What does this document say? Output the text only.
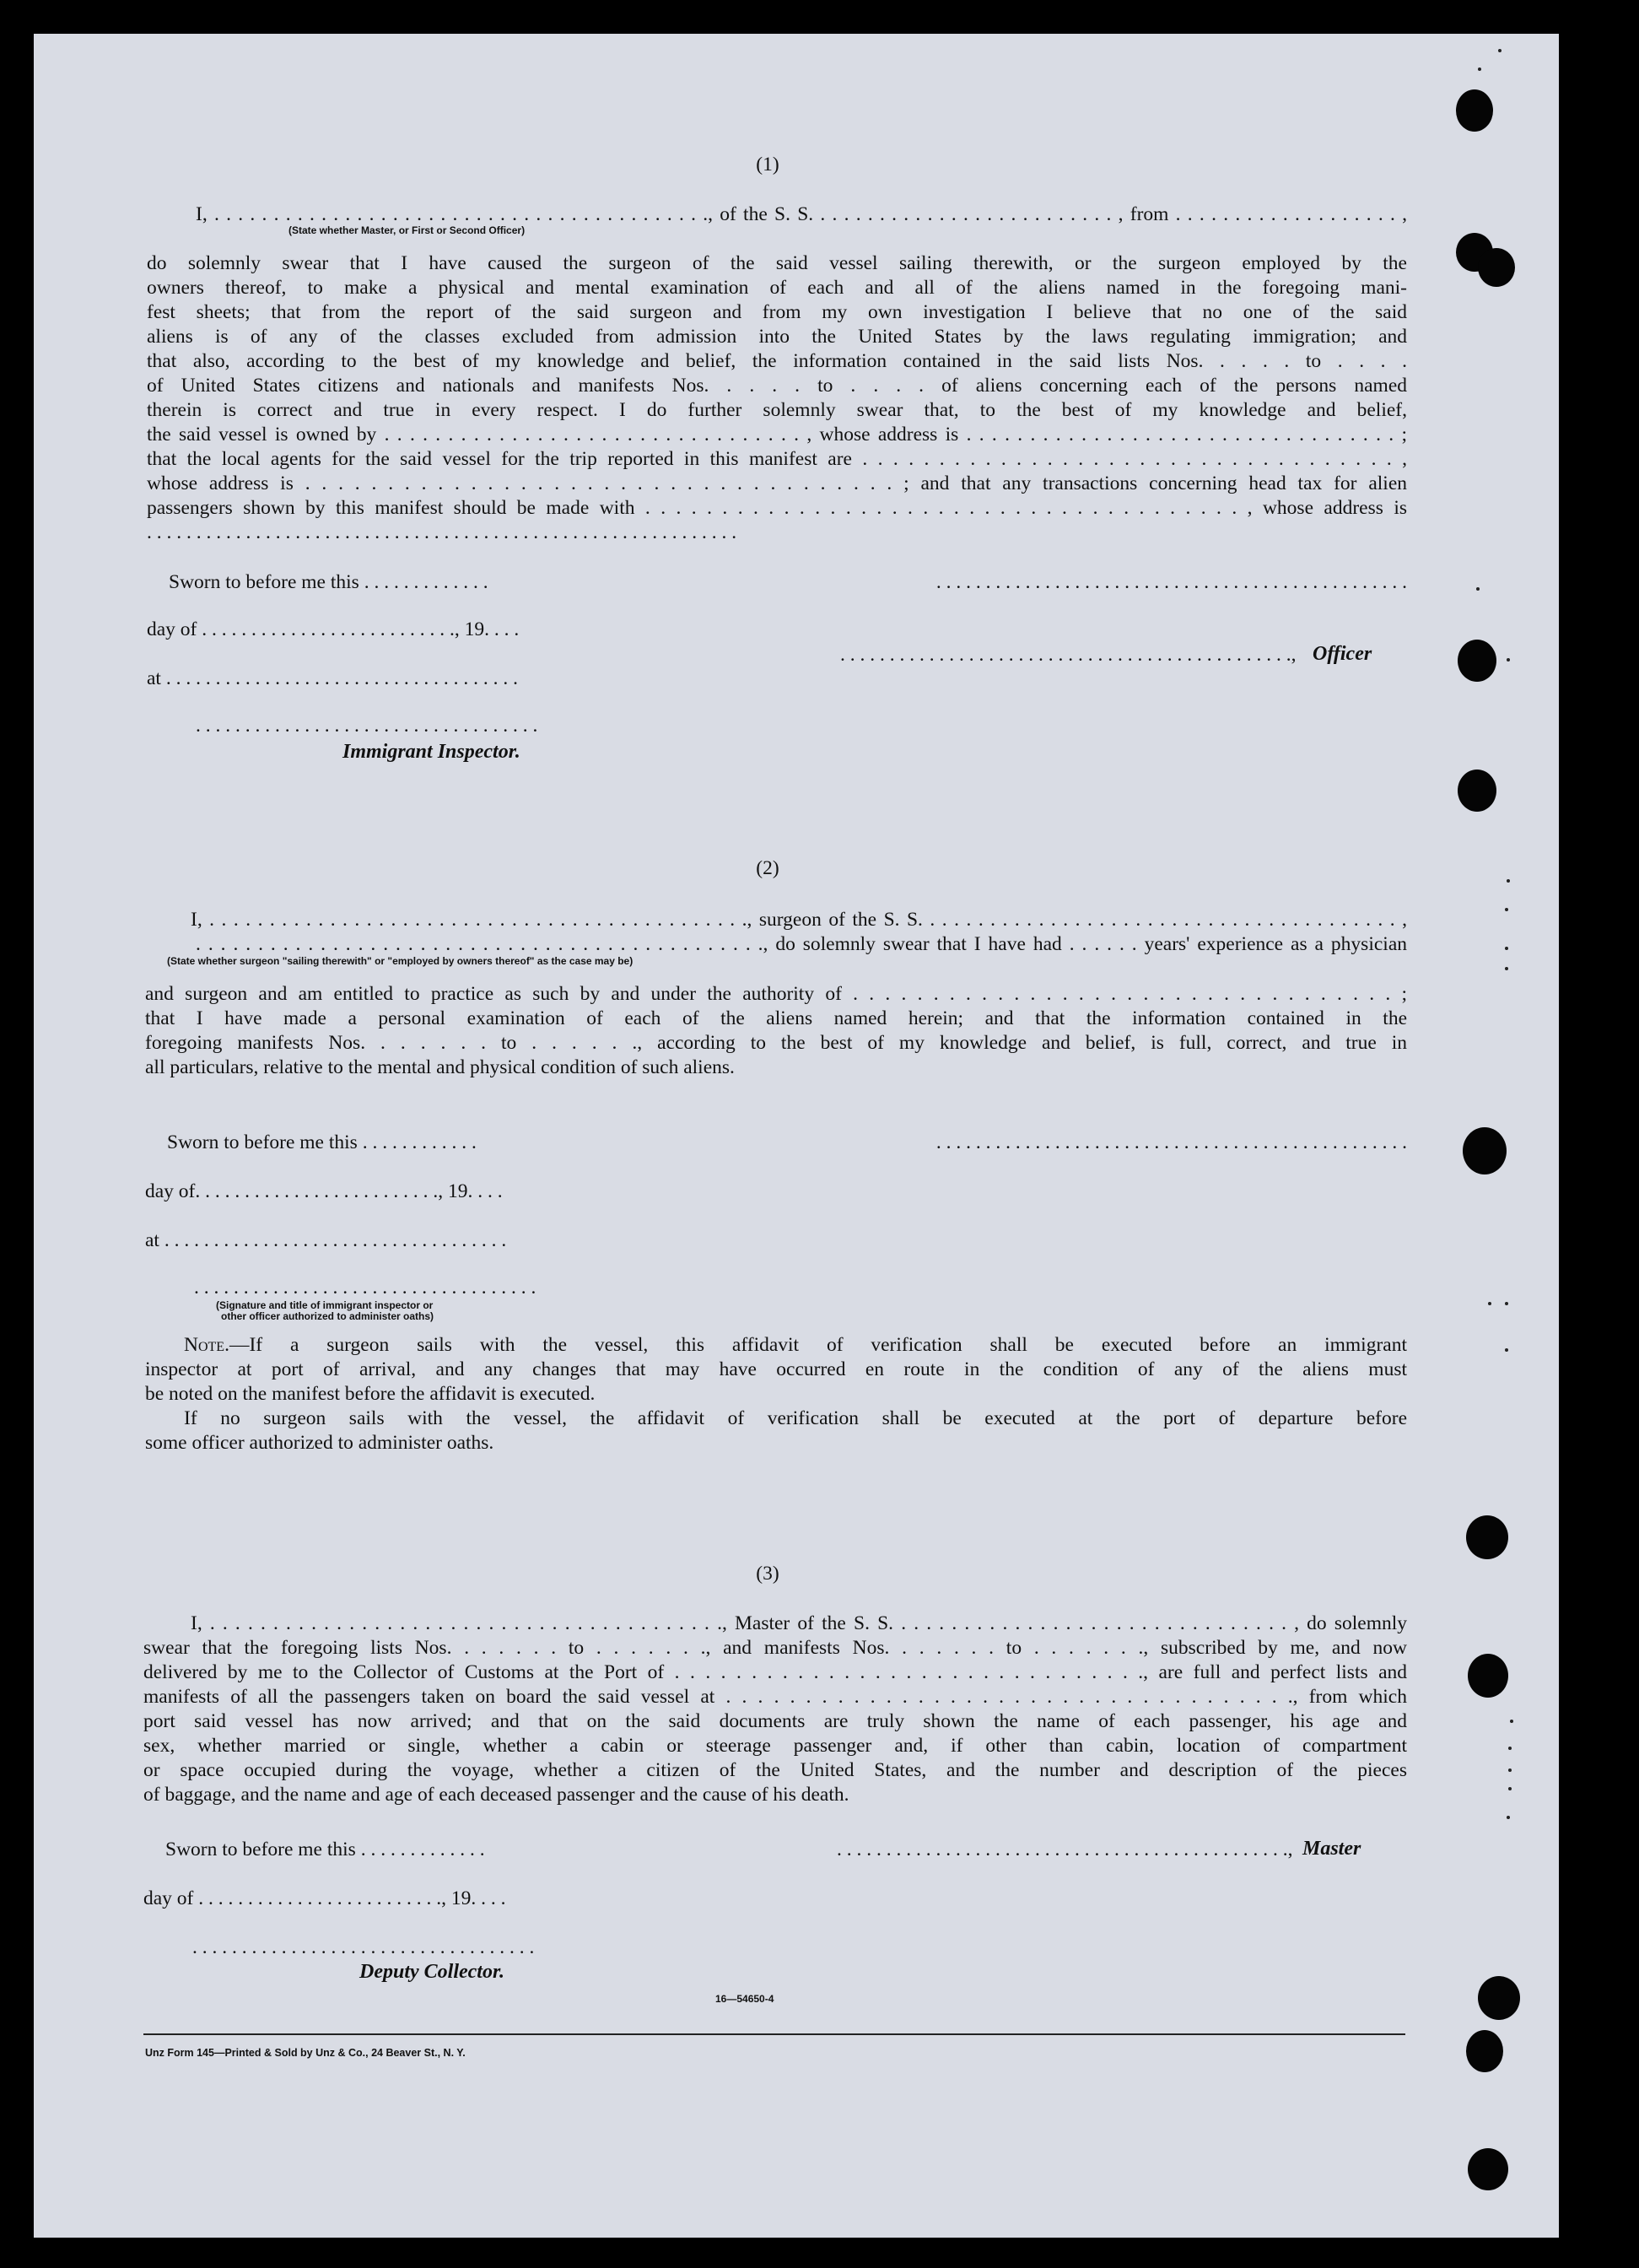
(1)
I, . . . . . . . . . . . . . . . . . . . . . . . . . . . . . . . . . . . . . . . . . ., of the S. S. . . . . . . . . . . . . . . . . . . . . . . . . . , from . . . . . . . . . . . . . . . . . . . ,
(State whether Master, or First or Second Officer)
do solemnly swear that I have caused the surgeon of the said vessel sailing therewith, or the surgeon employed by the
owners thereof, to make a physical and mental examination of each and all of the aliens named in the foregoing mani-
fest sheets; that from the report of the said surgeon and from my own investigation I believe that no one of the said
aliens is of any of the classes excluded from admission into the United States by the laws regulating immigration; and
that also, according to the best of my knowledge and belief, the information contained in the said lists Nos. . . . . to . . . .
of United States citizens and nationals and manifests Nos. . . . . to . . . . of aliens concerning each of the persons named
therein is correct and true in every respect. I do further solemnly swear that, to the best of my knowledge and belief,
the said vessel is owned by . . . . . . . . . . . . . . . . . . . . . . . . . . . . . . . . . , whose address is . . . . . . . . . . . . . . . . . . . . . . . . . . . . . . . . . . ;
that the local agents for the said vessel for the trip reported in this manifest are . . . . . . . . . . . . . . . . . . . . . . . . . . . . . . . . . . . ,
whose address is . . . . . . . . . . . . . . . . . . . . . . . . . . . . . . . . . . . . ; and that any transactions concerning head tax for alien
passengers shown by this manifest should be made with . . . . . . . . . . . . . . . . . . . . . . . . . . . . . . . . . . . . . . . , whose address is
. . . . . . . . . . . . . . . . . . . . . . . . . . . . . . . . . . . . . . . . . . . . . . . . . . . . . . . . . . . .
Sworn to before me this . . . . . . . . . . . . .
day of . . . . . . . . . . . . . . . . . . . . . . . . . ., 19. . . .
at . . . . . . . . . . . . . . . . . . . . . . . . . . . . . . . . . . . .
. . . . . . . . . . . . . . . . . . . . . . . . . . . . . . . . . . .
Immigrant Inspector.
. . . . . . . . . . . . . . . . . . . . . . . . . . . . . . . . . . . . . . . . . . . . . . . .
. . . . . . . . . . . . . . . . . . . . . . . . . . . . . . . . . . . . . . . . . . . . . ., Officer
(2)
I, . . . . . . . . . . . . . . . . . . . . . . . . . . . . . . . . . . . . . . . . . . . . ., surgeon of the S. S. . . . . . . . . . . . . . . . . . . . . . . . . . . . . . . . . . . . . . . . ,
. . . . . . . . . . . . . . . . . . . . . . . . . . . . . . . . . . . . . . . . . . . . . ., do solemnly swear that I have had . . . . . . years' experience as a physician
(State whether surgeon "sailing therewith" or "employed by owners thereof" as the case may be)
and surgeon and am entitled to practice as such by and under the authority of . . . . . . . . . . . . . . . . . . . . . . . . . . . . . . . . . . ;
that I have made a personal examination of each of the aliens named herein; and that the information contained in the
foregoing manifests Nos. . . . . . . to . . . . . ., according to the best of my knowledge and belief, is full, correct, and true in
all particulars, relative to the mental and physical condition of such aliens.
Sworn to before me this . . . . . . . . . . . .
day of. . . . . . . . . . . . . . . . . . . . . . . . ., 19. . . .
at . . . . . . . . . . . . . . . . . . . . . . . . . . . . . . . . . . .
. . . . . . . . . . . . . . . . . . . . . . . . . . . . . . . . . . .
(Signature and title of immigrant inspector or
other officer authorized to administer oaths)
. . . . . . . . . . . . . . . . . . . . . . . . . . . . . . . . . . . . . . . . . . . . . . . .
Note.—If a surgeon sails with the vessel, this affidavit of verification shall be executed before an immigrant
inspector at port of arrival, and any changes that may have occurred en route in the condition of any of the aliens must
be noted on the manifest before the affidavit is executed.
If no surgeon sails with the vessel, the affidavit of verification shall be executed at the port of departure before
some officer authorized to administer oaths.
(3)
I, . . . . . . . . . . . . . . . . . . . . . . . . . . . . . . . . . . . . . . . . ., Master of the S. S. . . . . . . . . . . . . . . . . . . . . . . . . . . . . . . . , do solemnly
swear that the foregoing lists Nos. . . . . . . to . . . . . . ., and manifests Nos. . . . . . . to . . . . . . ., subscribed by me, and now
delivered by me to the Collector of Customs at the Port of . . . . . . . . . . . . . . . . . . . . . . . . . . . . . . ., are full and perfect lists and
manifests of all the passengers taken on board the said vessel at . . . . . . . . . . . . . . . . . . . . . . . . . . . . . . . . . . . ., from which
port said vessel has now arrived; and that on the said documents are truly shown the name of each passenger, his age and
sex, whether married or single, whether a cabin or steerage passenger and, if other than cabin, location of compartment
or space occupied during the voyage, whether a citizen of the United States, and the number and description of the pieces
of baggage, and the name and age of each deceased passenger and the cause of his death.
Sworn to before me this . . . . . . . . . . . . .
day of . . . . . . . . . . . . . . . . . . . . . . . . ., 19. . . .
. . . . . . . . . . . . . . . . . . . . . . . . . . . . . . . . . . .
Deputy Collector.
. . . . . . . . . . . . . . . . . . . . . . . . . . . . . . . . . . . . . . . . . . . . . ., Master
16—54650-4
Unz Form 145—Printed & Sold by Unz & Co., 24 Beaver St., N. Y.
